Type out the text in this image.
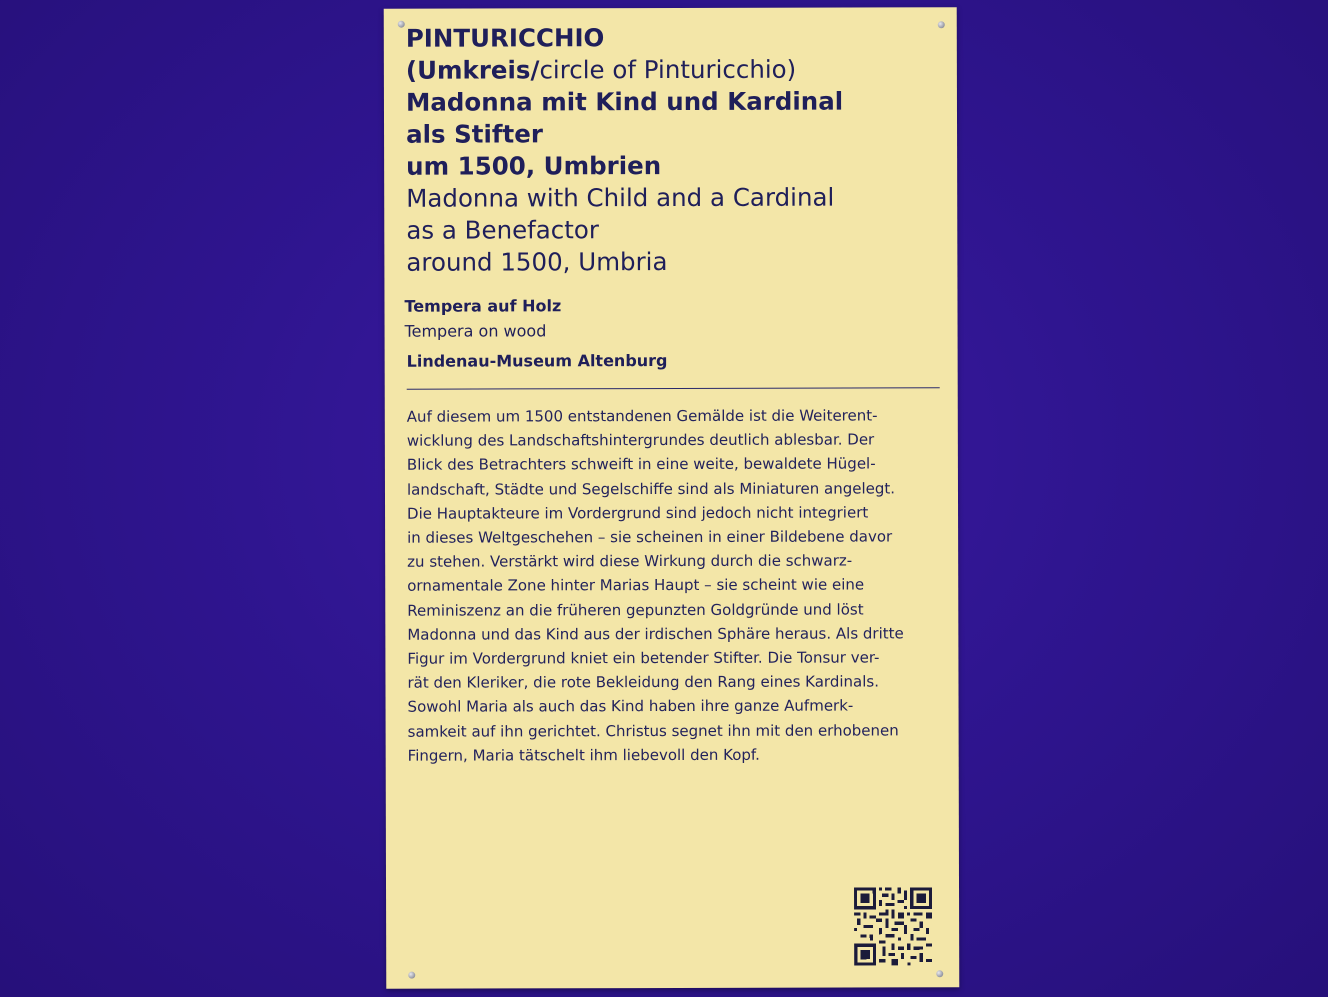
PINTURICCHIO
(Umkreis/circle of Pinturicchio)
Madonna mit Kind und Kardinal
als Stifter
um 1500, Umbrien
Madonna with Child and a Cardinal
as a Benefactor
around 1500, Umbria
Tempera auf Holz
Tempera on wood
Lindenau-Museum Altenburg
Auf diesem um 1500 entstandenen Gemälde ist die Weiterent-
wicklung des Landschaftshintergrundes deutlich ablesbar. Der
Blick des Betrachters schweift in eine weite, bewaldete Hügel-
landschaft, Städte und Segelschiffe sind als Miniaturen angelegt.
Die Hauptakteure im Vordergrund sind jedoch nicht integriert
in dieses Weltgeschehen – sie scheinen in einer Bildebene davor
zu stehen. Verstärkt wird diese Wirkung durch die schwarz-
ornamentale Zone hinter Marias Haupt – sie scheint wie eine
Reminiszenz an die früheren gepunzten Goldgründe und löst
Madonna und das Kind aus der irdischen Sphäre heraus. Als dritte
Figur im Vordergrund kniet ein betender Stifter. Die Tonsur ver-
rät den Kleriker, die rote Bekleidung den Rang eines Kardinals.
Sowohl Maria als auch das Kind haben ihre ganze Aufmerk-
samkeit auf ihn gerichtet. Christus segnet ihn mit den erhobenen
Fingern, Maria tätschelt ihm liebevoll den Kopf.
